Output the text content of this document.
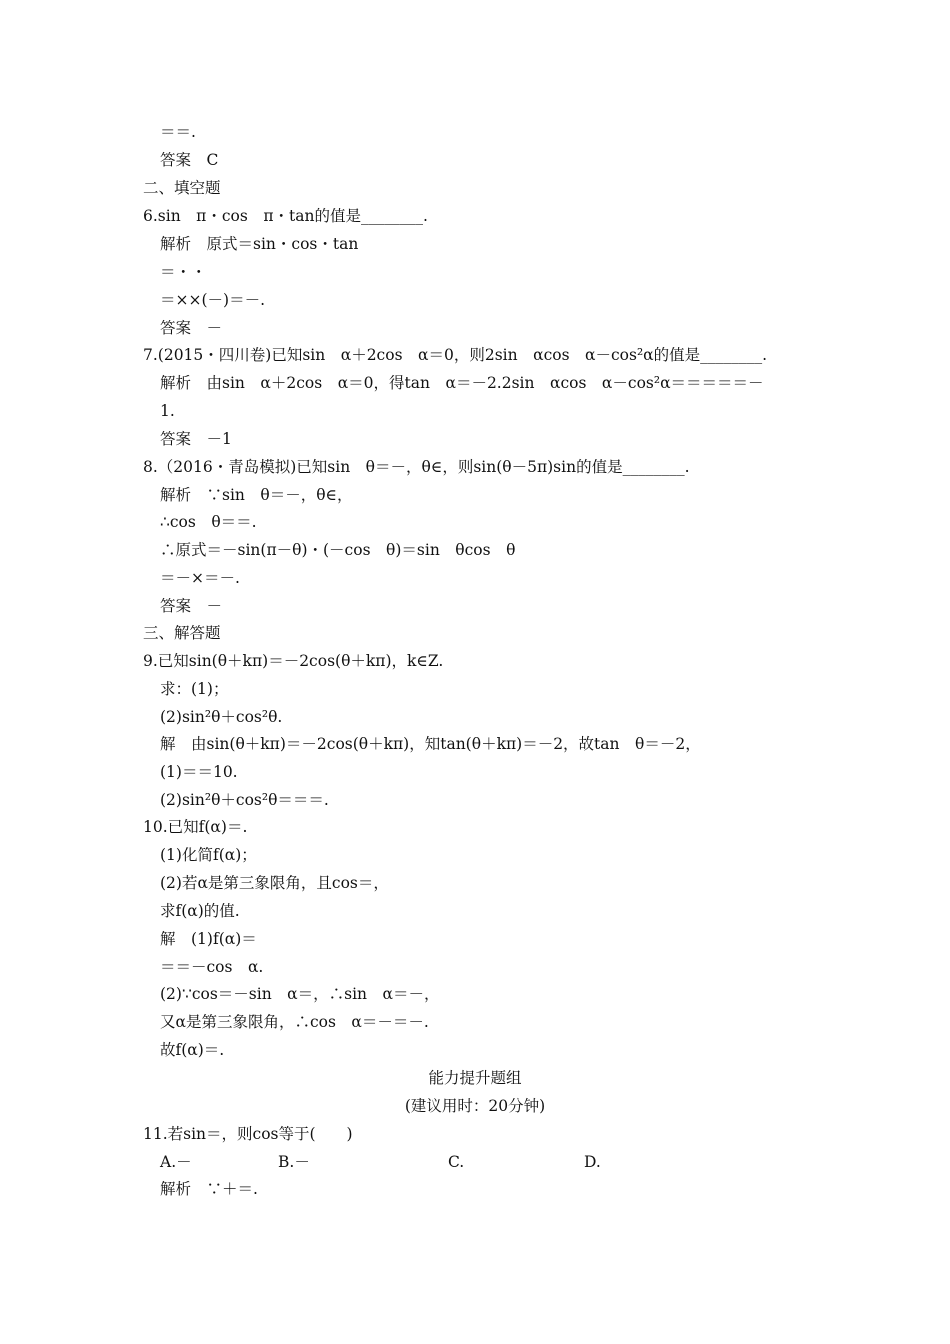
＝＝.
答案　C
二、填空题
6.sin　π・cos　π・tan的值是________.
解析　原式＝sin・cos・tan
＝・・
＝××(－)＝－.
答案　－
7.(2015・四川卷)已知sin　α＋2cos　α＝0，则2sin　αcos　α－cos²α的值是________.
解析　由sin　α＋2cos　α＝0，得tan　α＝－2.2sin　αcos　α－cos²α＝＝＝＝＝－
1.
答案　－1
8.（2016・青岛模拟)已知sin　θ＝－，θ∈，则sin(θ－5π)sin的值是________.
解析　∵sin　θ＝－，θ∈，
∴cos　θ＝＝.
∴原式＝－sin(π－θ)・(－cos　θ)＝sin　θcos　θ
＝－×＝－.
答案　－
三、解答题
9.已知sin(θ＋kπ)＝－2cos(θ＋kπ)，k∈Z.
求：(1)；
(2)sin²θ＋cos²θ.
解　由sin(θ＋kπ)＝－2cos(θ＋kπ)，知tan(θ＋kπ)＝－2，故tan　θ＝－2，
(1)＝＝10.
(2)sin²θ＋cos²θ＝＝＝.
10.已知f(α)＝.
(1)化简f(α)；
(2)若α是第三象限角，且cos＝，
求f(α)的值.
解　(1)f(α)＝
＝＝－cos　α.
(2)∵cos＝－sin　α＝，∴sin　α＝－，
又α是第三象限角，∴cos　α＝－＝－.
故f(α)＝.
能力提升题组
(建议用时：20分钟)
11.若sin＝，则cos等于(　　)
A.－	B.－	C.	D.
解析　∵＋＝.
